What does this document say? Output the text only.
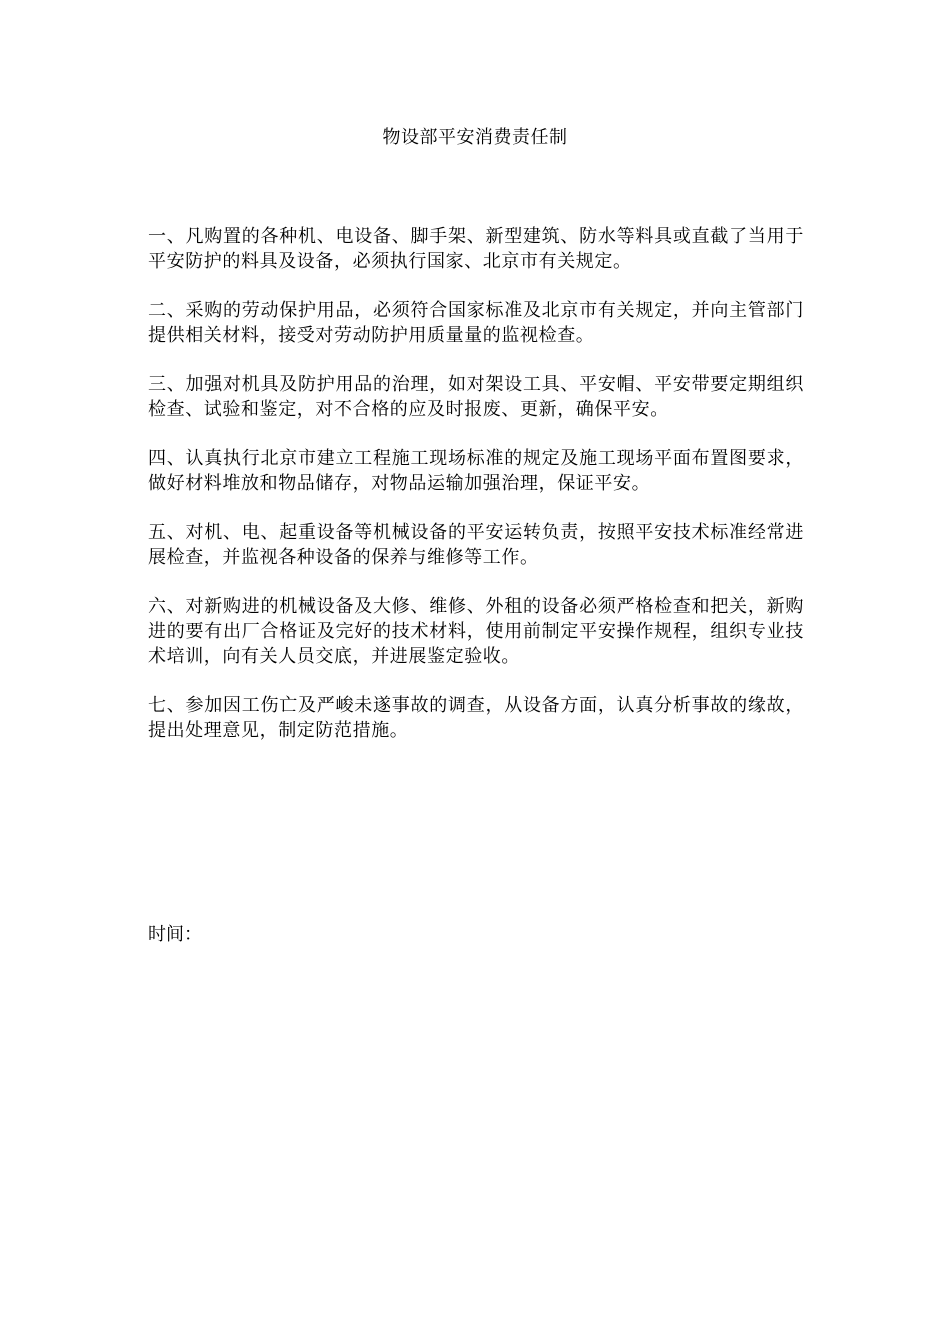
物设部平安消费责任制

一、凡购置的各种机、电设备、脚手架、新型建筑、防水等料具或直截了当用于平安防护的料具及设备，必须执行国家、北京市有关规定。

二、采购的劳动保护用品，必须符合国家标准及北京市有关规定，并向主管部门提供相关材料，接受对劳动防护用质量量的监视检查。

三、加强对机具及防护用品的治理，如对架设工具、平安帽、平安带要定期组织检查、试验和鉴定，对不合格的应及时报废、更新，确保平安。

四、认真执行北京市建立工程施工现场标准的规定及施工现场平面布置图要求，做好材料堆放和物品储存，对物品运输加强治理，保证平安。

五、对机、电、起重设备等机械设备的平安运转负责，按照平安技术标准经常进展检查，并监视各种设备的保养与维修等工作。

六、对新购进的机械设备及大修、维修、外租的设备必须严格检查和把关，新购进的要有出厂合格证及完好的技术材料，使用前制定平安操作规程，组织专业技术培训，向有关人员交底，并进展鉴定验收。

七、参加因工伤亡及严峻未遂事故的调查，从设备方面，认真分析事故的缘故，提出处理意见，制定防范措施。

时间：
